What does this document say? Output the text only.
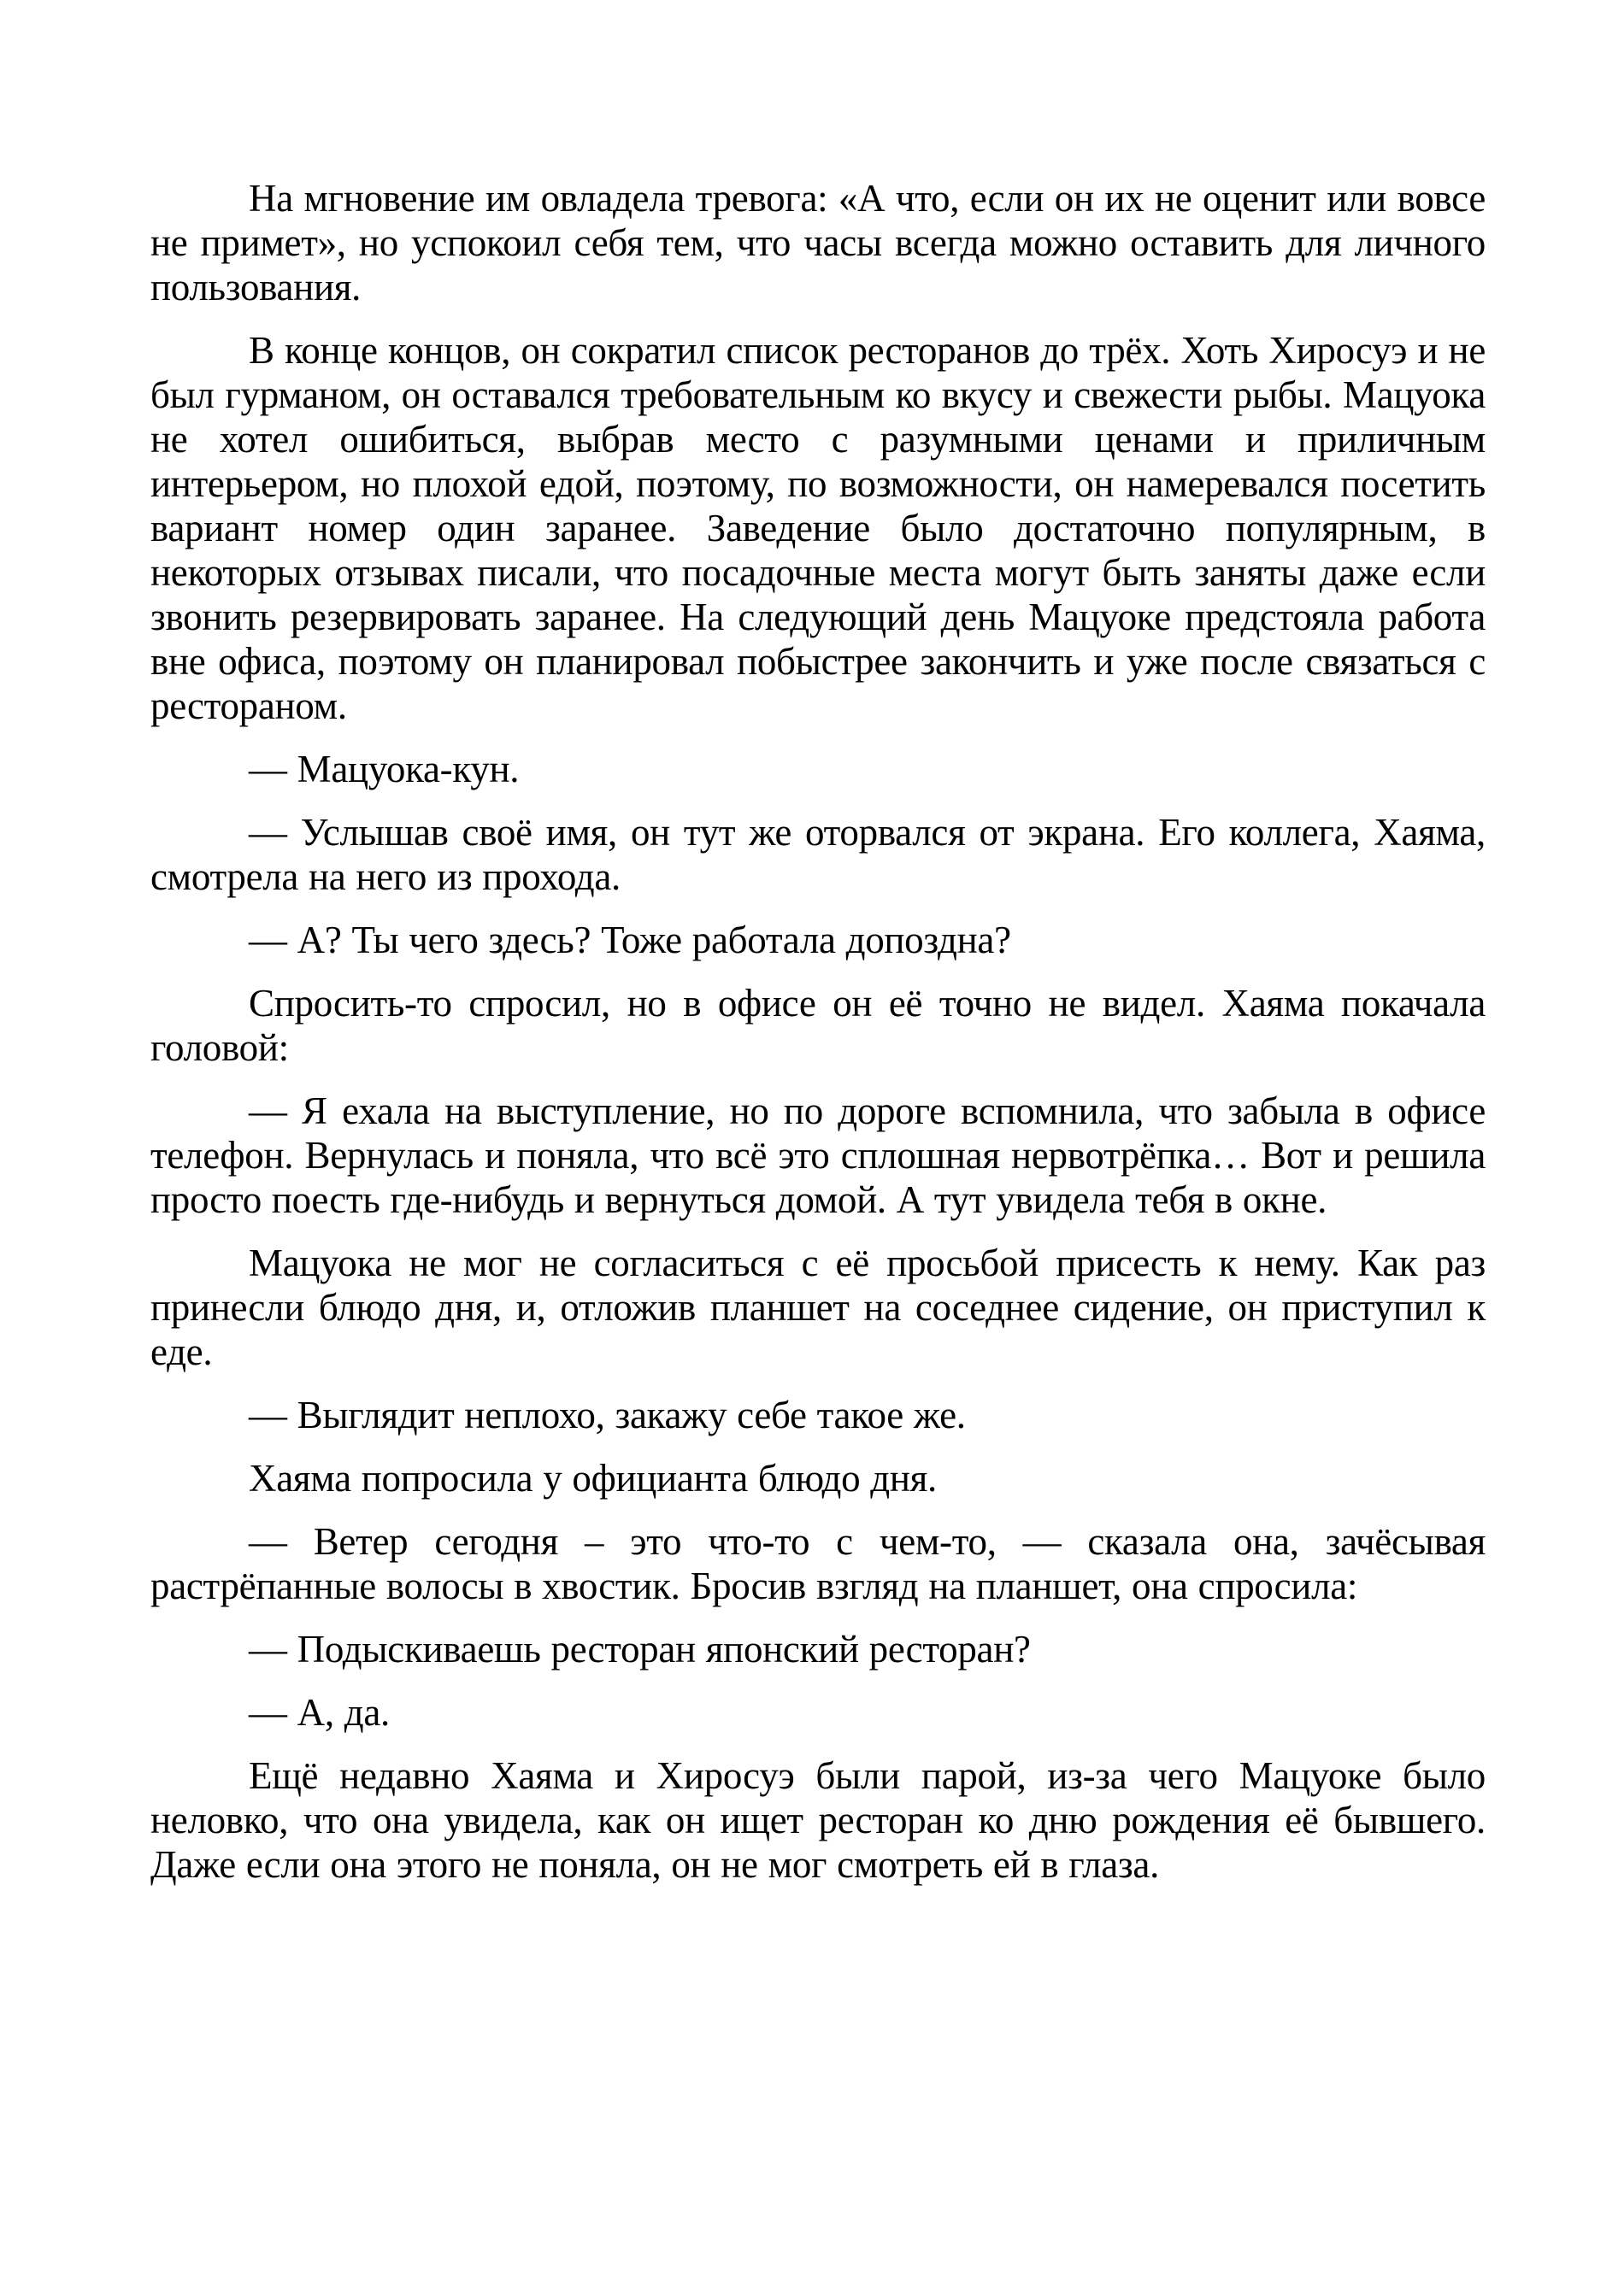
На мгновение им овладела тревога: «А что, если он их не оценит или вовсе не примет», но успокоил себя тем, что часы всегда можно оставить для личного пользования.

В конце концов, он сократил список ресторанов до трёх. Хоть Хиросуэ и не был гурманом, он оставался требовательным ко вкусу и свежести рыбы. Мацуока не хотел ошибиться, выбрав место с разумными ценами и приличным интерьером, но плохой едой, поэтому, по возможности, он намеревался посетить вариант номер один заранее. Заведение было достаточно популярным, в некоторых отзывах писали, что посадочные места могут быть заняты даже если звонить резервировать заранее. На следующий день Мацуоке предстояла работа вне офиса, поэтому он планировал побыстрее закончить и уже после связаться с рестораном.

— Мацуока-кун.

— Услышав своё имя, он тут же оторвался от экрана. Его коллега, Хаяма, смотрела на него из прохода.

— А? Ты чего здесь? Тоже работала допоздна?

Спросить-то спросил, но в офисе он её точно не видел. Хаяма покачала головой:

— Я ехала на выступление, но по дороге вспомнила, что забыла в офисе телефон. Вернулась и поняла, что всё это сплошная нервотрёпка… Вот и решила просто поесть где-нибудь и вернуться домой. А тут увидела тебя в окне.

Мацуока не мог не согласиться с её просьбой присесть к нему. Как раз принесли блюдо дня, и, отложив планшет на соседнее сидение, он приступил к еде.

— Выглядит неплохо, закажу себе такое же.

Хаяма попросила у официанта блюдо дня.

— Ветер сегодня – это что-то с чем-то, — сказала она, зачёсывая растрёпанные волосы в хвостик. Бросив взгляд на планшет, она спросила:

— Подыскиваешь ресторан японский ресторан?

— А, да.

Ещё недавно Хаяма и Хиросуэ были парой, из-за чего Мацуоке было неловко, что она увидела, как он ищет ресторан ко дню рождения её бывшего. Даже если она этого не поняла, он не мог смотреть ей в глаза.
